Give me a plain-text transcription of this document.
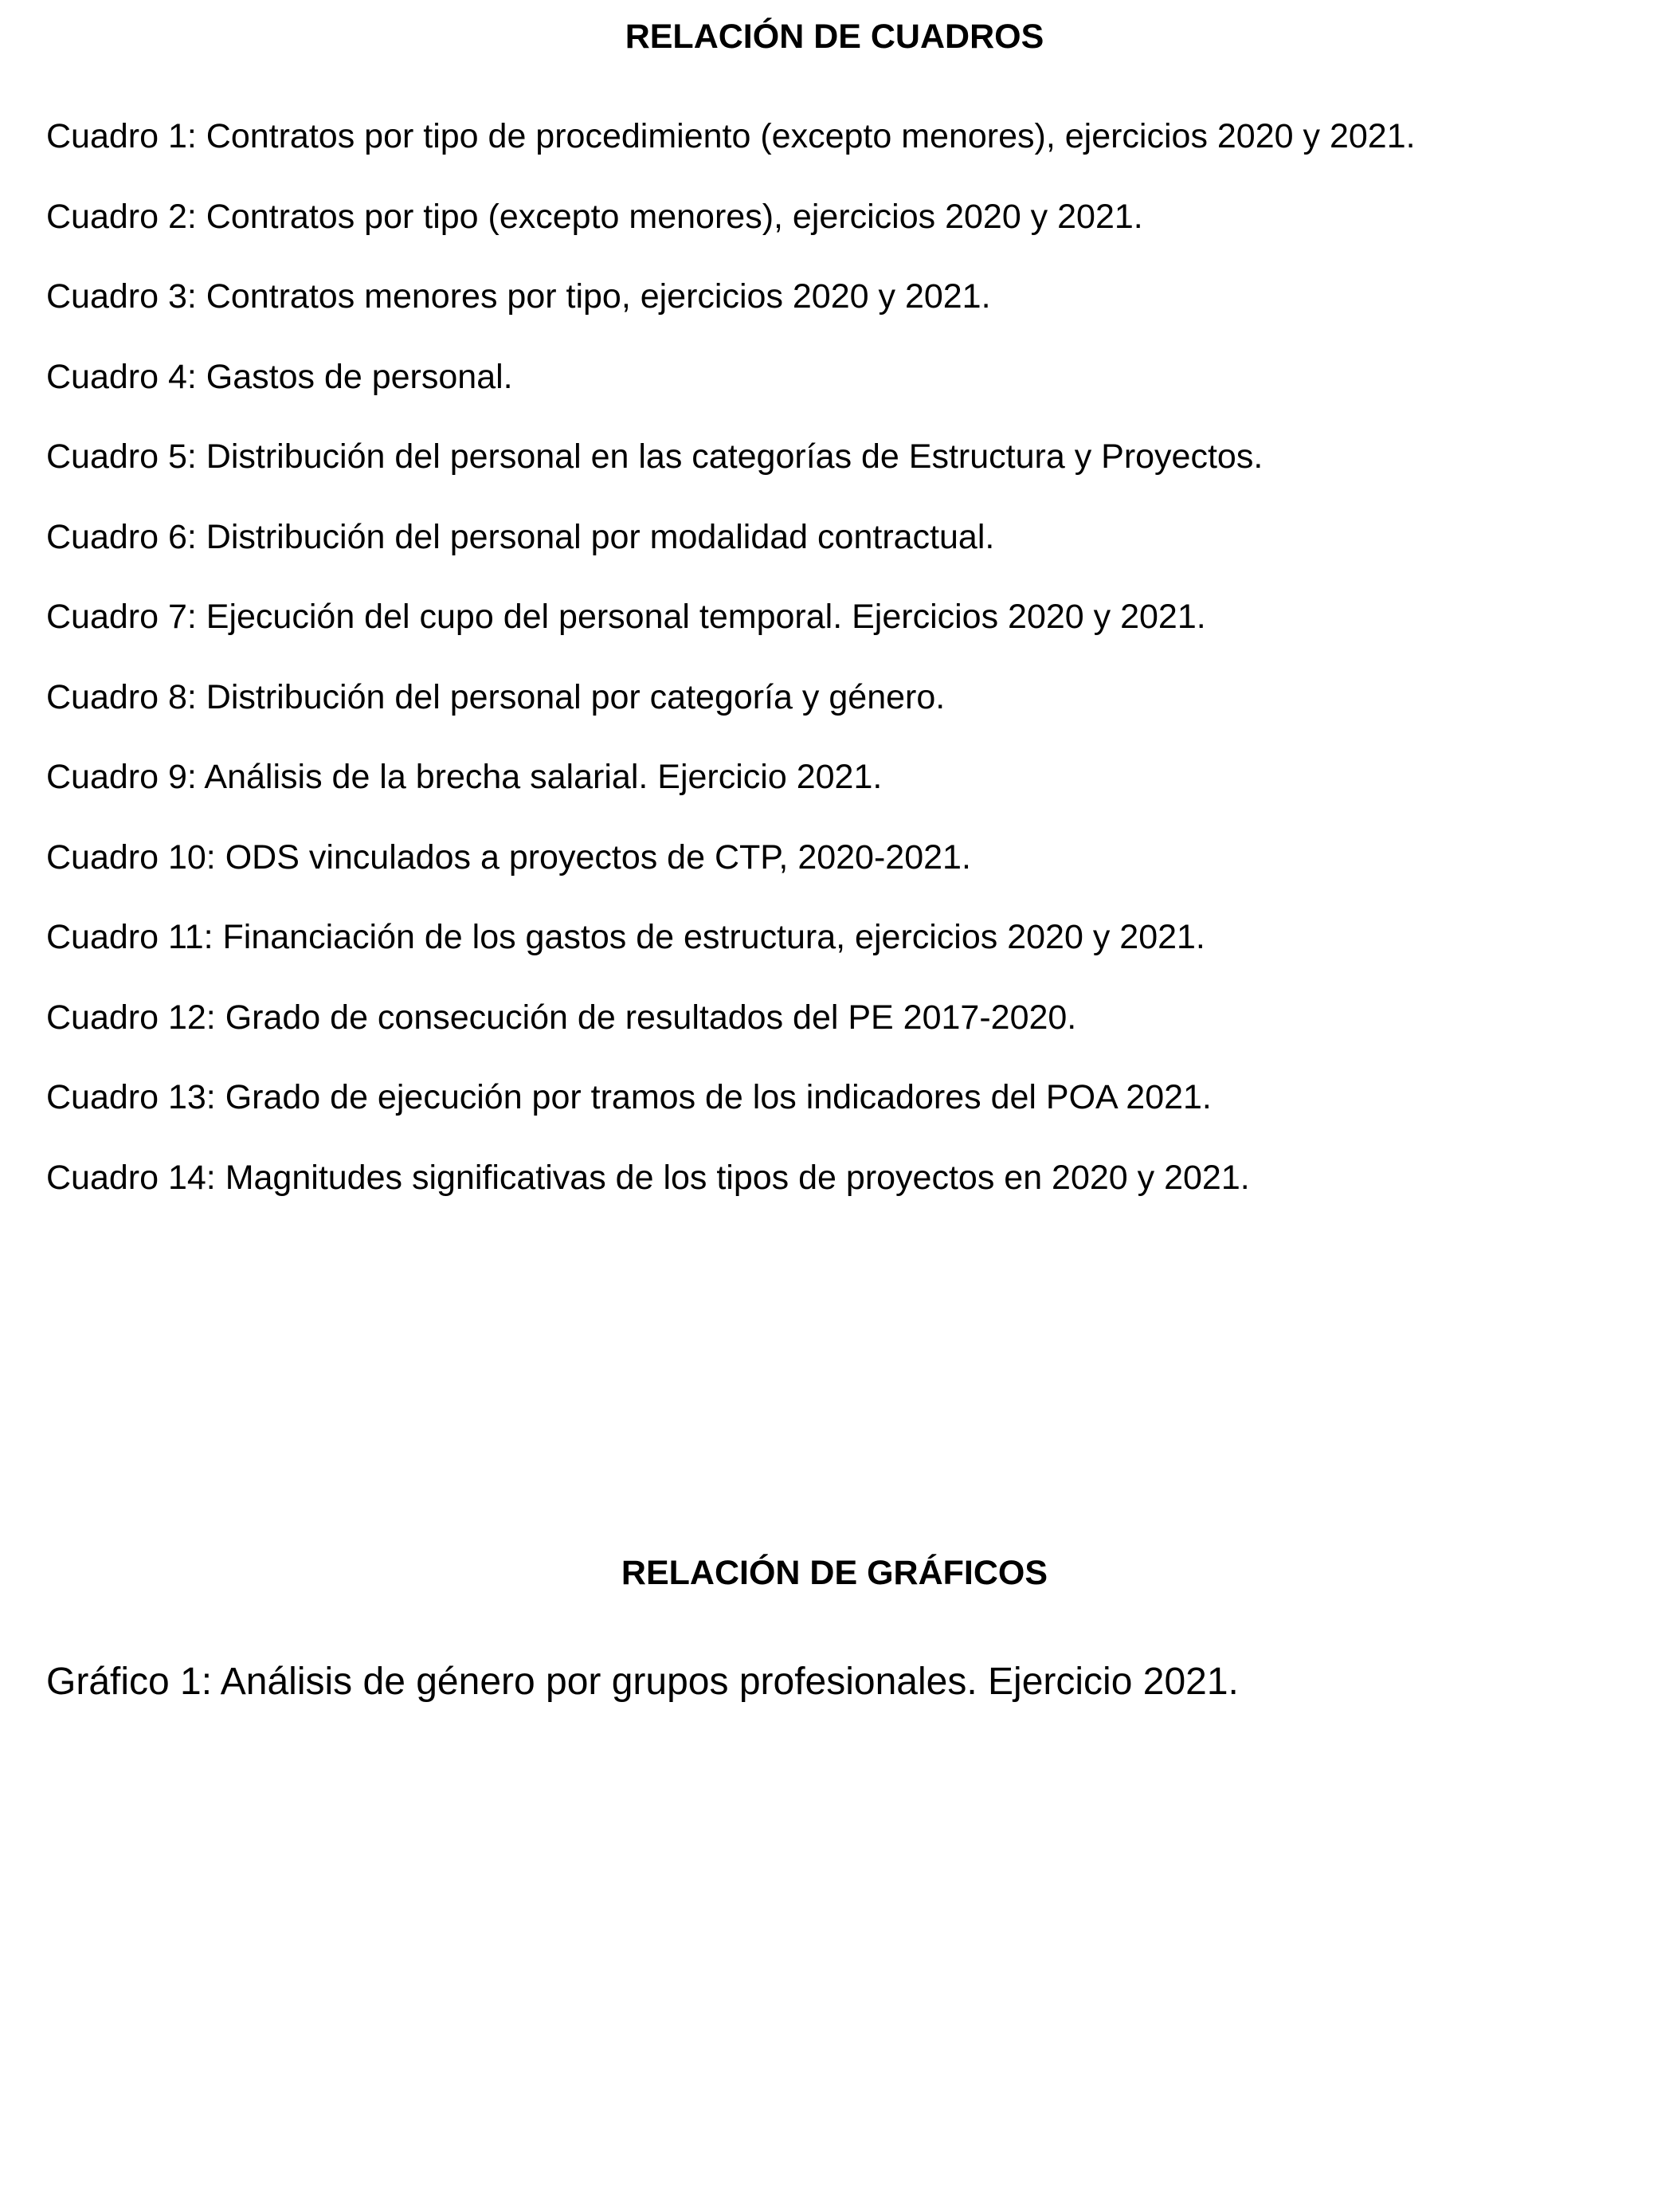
RELACIÓN DE CUADROS
Cuadro 1: Contratos por tipo de procedimiento (excepto menores), ejercicios 2020 y 2021.
Cuadro 2: Contratos por tipo (excepto menores), ejercicios 2020 y 2021.
Cuadro 3: Contratos menores por tipo, ejercicios 2020 y 2021.
Cuadro 4: Gastos de personal.
Cuadro 5: Distribución del personal en las categorías de Estructura y Proyectos.
Cuadro 6: Distribución del personal por modalidad contractual.
Cuadro 7: Ejecución del cupo del personal temporal. Ejercicios 2020 y 2021.
Cuadro 8: Distribución del personal por categoría y género.
Cuadro 9: Análisis de la brecha salarial. Ejercicio 2021.
Cuadro 10: ODS vinculados a proyectos de CTP, 2020-2021.
Cuadro 11: Financiación de los gastos de estructura, ejercicios 2020 y 2021.
Cuadro 12: Grado de consecución de resultados del PE 2017-2020.
Cuadro 13: Grado de ejecución por tramos de los indicadores del POA 2021.
Cuadro 14: Magnitudes significativas de los tipos de proyectos en 2020 y 2021.
RELACIÓN DE GRÁFICOS
Gráfico 1: Análisis de género por grupos profesionales. Ejercicio 2021.
